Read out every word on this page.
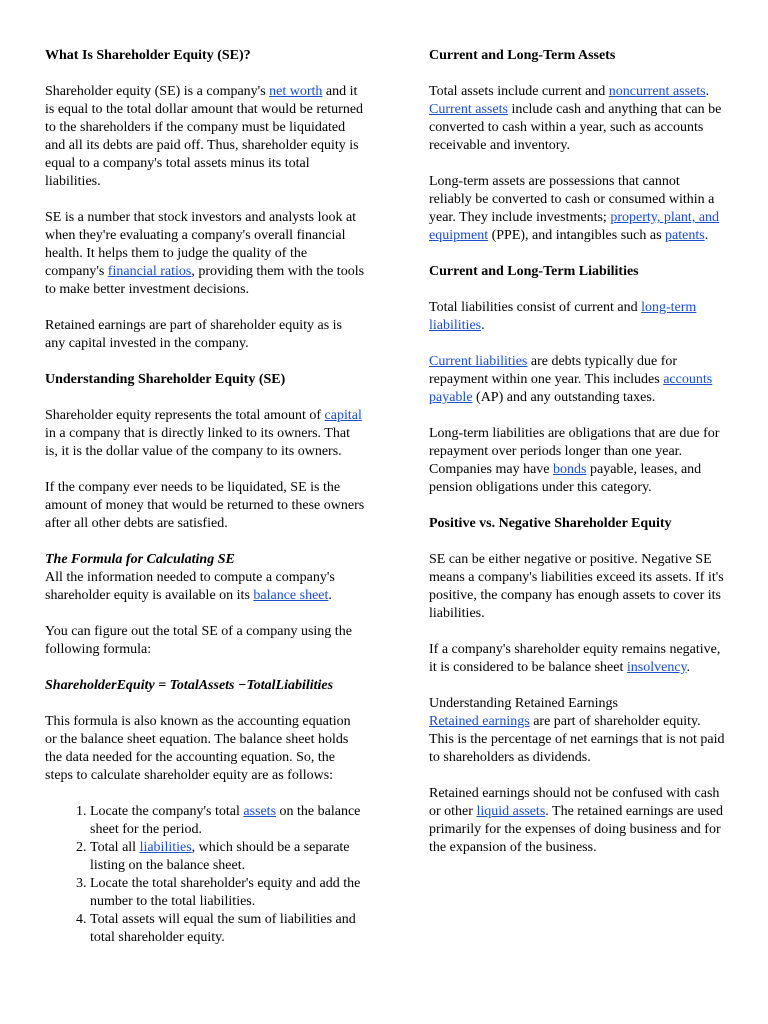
What Is Shareholder Equity (SE)?

Shareholder equity (SE) is a company's net worth and it is equal to the total dollar amount that would be returned to the shareholders if the company must be liquidated and all its debts are paid off. Thus, shareholder equity is equal to a company's total assets minus its total liabilities.

SE is a number that stock investors and analysts look at when they're evaluating a company's overall financial health. It helps them to judge the quality of the company's financial ratios, providing them with the tools to make better investment decisions.

Retained earnings are part of shareholder equity as is any capital invested in the company.

Understanding Shareholder Equity (SE)

Shareholder equity represents the total amount of capital in a company that is directly linked to its owners. That is, it is the dollar value of the company to its owners.

If the company ever needs to be liquidated, SE is the amount of money that would be returned to these owners after all other debts are satisfied.

The Formula for Calculating SE

All the information needed to compute a company's shareholder equity is available on its balance sheet.

You can figure out the total SE of a company using the following formula:

ShareholderEquity = TotalAssets −TotalLiabilities

This formula is also known as the accounting equation or the balance sheet equation. The balance sheet holds the data needed for the accounting equation. So, the steps to calculate shareholder equity are as follows:

1. Locate the company's total assets on the balance sheet for the period.
2. Total all liabilities, which should be a separate listing on the balance sheet.
3. Locate the total shareholder's equity and add the number to the total liabilities.
4. Total assets will equal the sum of liabilities and total shareholder equity.
Current and Long-Term Assets

Total assets include current and noncurrent assets. Current assets include cash and anything that can be converted to cash within a year, such as accounts receivable and inventory.

Long-term assets are possessions that cannot reliably be converted to cash or consumed within a year. They include investments; property, plant, and equipment (PPE), and intangibles such as patents.

Current and Long-Term Liabilities

Total liabilities consist of current and long-term liabilities.

Current liabilities are debts typically due for repayment within one year. This includes accounts payable (AP) and any outstanding taxes.

Long-term liabilities are obligations that are due for repayment over periods longer than one year. Companies may have bonds payable, leases, and pension obligations under this category.

Positive vs. Negative Shareholder Equity

SE can be either negative or positive. Negative SE means a company's liabilities exceed its assets. If it's positive, the company has enough assets to cover its liabilities.

If a company's shareholder equity remains negative, it is considered to be balance sheet insolvency.

Understanding Retained Earnings

Retained earnings are part of shareholder equity. This is the percentage of net earnings that is not paid to shareholders as dividends.

Retained earnings should not be confused with cash or other liquid assets. The retained earnings are used primarily for the expenses of doing business and for the expansion of the business.
